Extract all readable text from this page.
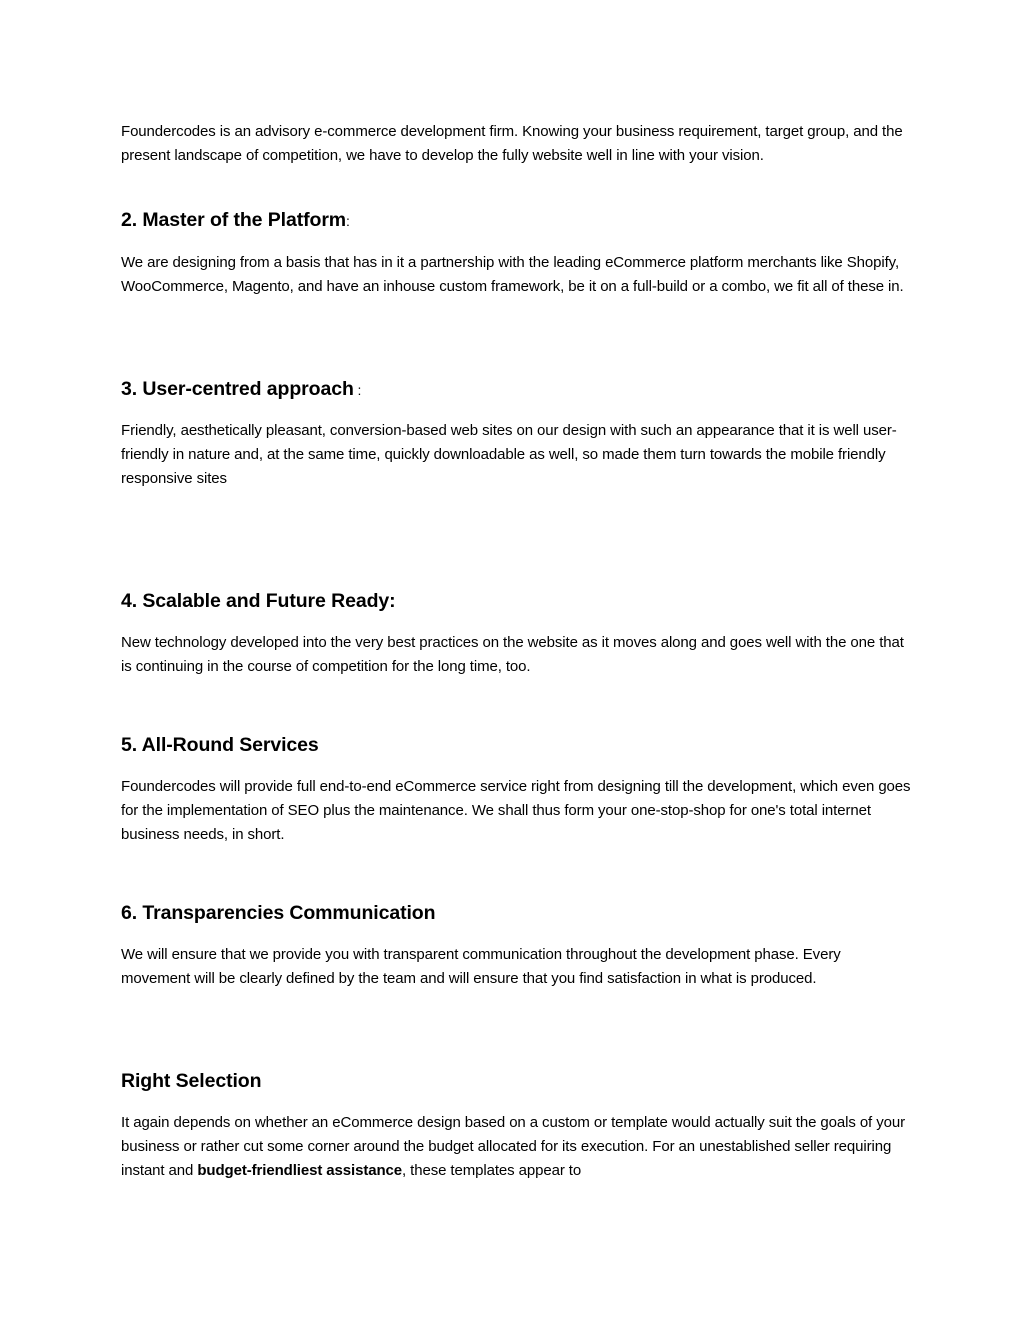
Foundercodes is an advisory e-commerce development firm. Knowing your business requirement, target group, and the present landscape of competition, we have to develop the fully website well in line with your vision.

2. Master of the Platform:

We are designing from a basis that has in it a partnership with the leading eCommerce platform merchants like Shopify, WooCommerce, Magento, and have an inhouse custom framework, be it on a full-build or a combo, we fit all of these in.

3. User-centred approach :

Friendly, aesthetically pleasant, conversion-based web sites on our design with such an appearance that it is well user-friendly in nature and, at the same time, quickly downloadable as well, so made them turn towards the mobile friendly responsive sites

4. Scalable and Future Ready:

New technology developed into the very best practices on the website as it moves along and goes well with the one that is continuing in the course of competition for the long time, too.

5. All-Round Services

Foundercodes will provide full end-to-end eCommerce service right from designing till the development, which even goes for the implementation of SEO plus the maintenance. We shall thus form your one-stop-shop for one's total internet business needs, in short.

6. Transparencies Communication

We will ensure that we provide you with transparent communication throughout the development phase. Every movement will be clearly defined by the team and will ensure that you find satisfaction in what is produced.

Right Selection

It again depends on whether an eCommerce design based on a custom or template would actually suit the goals of your business or rather cut some corner around the budget allocated for its execution. For an unestablished seller requiring instant and budget-friendliest assistance, these templates appear to
